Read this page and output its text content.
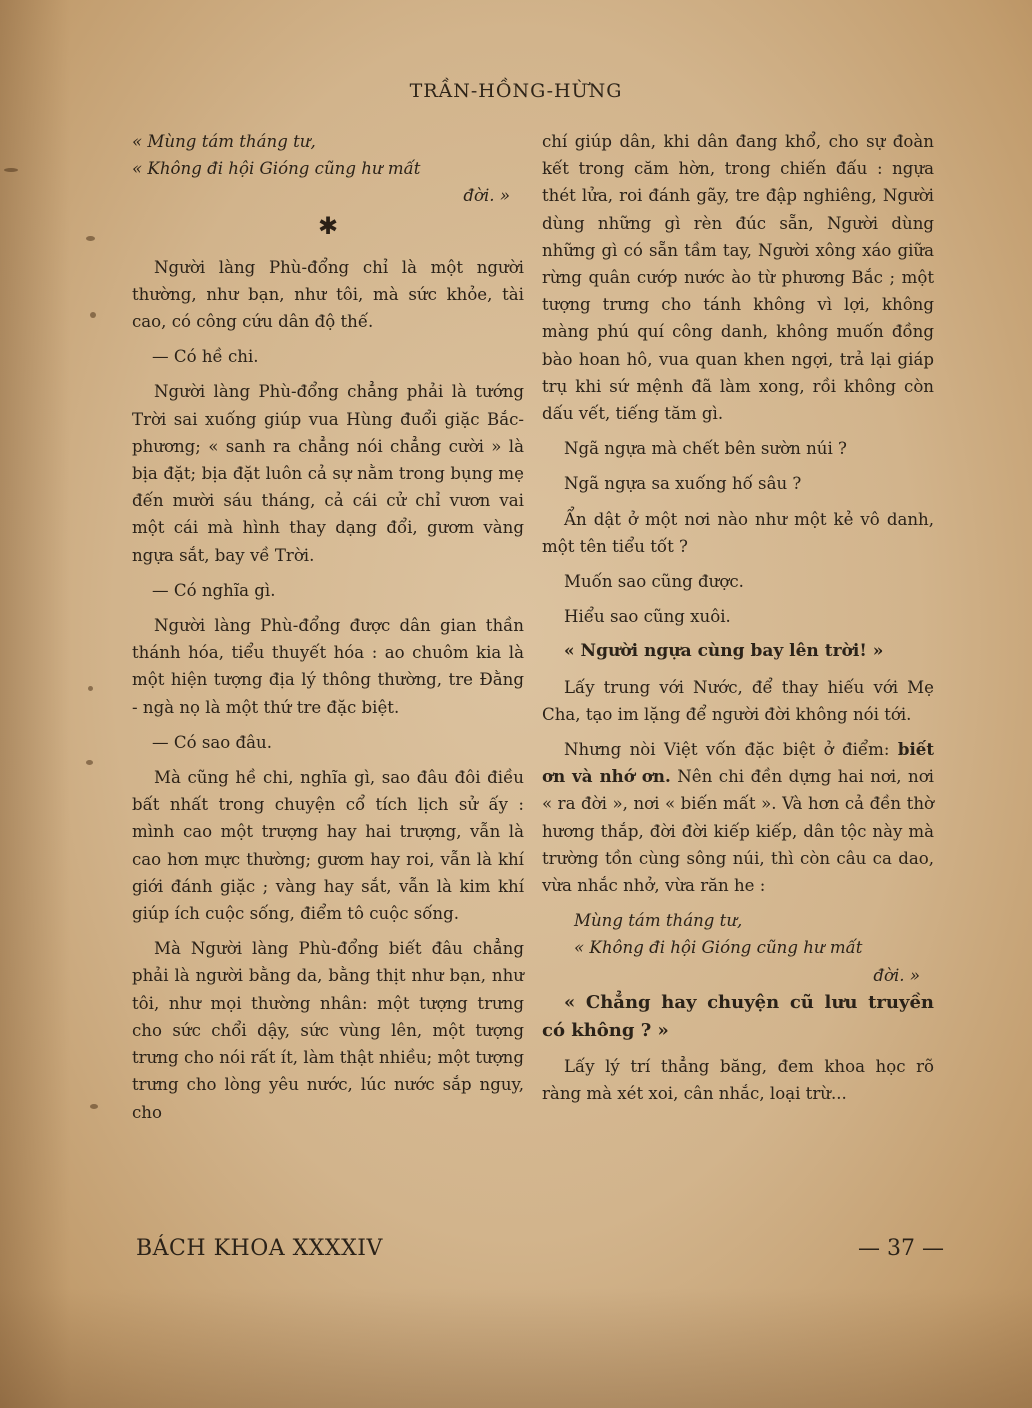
TRẦN-HỒNG-HỪNG
« Mùng tám tháng tư,
« Không đi hội Gióng cũng hư mất
đời. »
✱

Người làng Phù-đổng chỉ là một người thường, như bạn, như tôi, mà sức khỏe, tài cao, có công cứu dân độ thế.

— Có hề chi.

Người làng Phù-đổng chẳng phải là tướng Trời sai xuống giúp vua Hùng đuổi giặc Bắc-phương; « sanh ra chẳng nói chẳng cười » là bịa đặt; bịa đặt luôn cả sự nằm trong bụng mẹ đến mười sáu tháng, cả cái cử chỉ vươn vai một cái mà hình thay dạng đổi, gươm vàng ngựa sắt, bay về Trời.

— Có nghĩa gì.

Người làng Phù-đổng được dân gian thần thánh hóa, tiểu thuyết hóa : ao chuôm kia là một hiện tượng địa lý thông thường, tre Đằng - ngà nọ là một thứ tre đặc biệt.

— Có sao đâu.

Mà cũng hề chi, nghĩa gì, sao đâu đôi điều bất nhất trong chuyện cổ tích lịch sử ấy : mình cao một trượng hay hai trượng, vẫn là cao hơn mực thường; gươm hay roi, vẫn là khí giới đánh giặc ; vàng hay sắt, vẫn là kim khí giúp ích cuộc sống, điểm tô cuộc sống.

Mà Người làng Phù-đổng biết đâu chẳng phải là người bằng da, bằng thịt như bạn, như tôi, như mọi thường nhân: một tượng trưng cho sức chổi dậy, sức vùng lên, một tượng trưng cho nói rất ít, làm thật nhiều; một tượng trưng cho lòng yêu nước, lúc nước sắp nguy, cho

chí giúp dân, khi dân đang khổ, cho sự đoàn kết trong căm hờn, trong chiến đấu : ngựa thét lửa, roi đánh gãy, tre đập nghiêng, Người dùng những gì rèn đúc sẵn, Người dùng những gì có sẵn tầm tay, Người xông xáo giữa rừng quân cướp nước ào từ phương Bắc ; một tượng trưng cho tánh không vì lợi, không màng phú quí công danh, không muốn đồng bào hoan hô, vua quan khen ngợi, trả lại giáp trụ khi sứ mệnh đã làm xong, rồi không còn dấu vết, tiếng tăm gì.

Ngã ngựa mà chết bên sườn núi ?

Ngã ngựa sa xuống hố sâu ?

Ẩn dật ở một nơi nào như một kẻ vô danh, một tên tiểu tốt ?

Muốn sao cũng được.

Hiểu sao cũng xuôi.

« Người ngựa cùng bay lên trời! »

Lấy trung với Nước, để thay hiếu với Mẹ Cha, tạo im lặng để người đời không nói tới.

Nhưng nòi Việt vốn đặc biệt ở điểm: biết ơn và nhớ ơn. Nên chi đền dựng hai nơi, nơi « ra đời », nơi « biến mất ». Và hơn cả đền thờ hương thắp, đời đời kiếp kiếp, dân tộc này mà trường tồn cùng sông núi, thì còn câu ca dao, vừa nhắc nhở, vừa răn he :

Mùng tám tháng tư,
« Không đi hội Gióng cũng hư mất
đời. »

« Chẳng hay chuyện cũ lưu truyền có không ? »

Lấy lý trí thẳng băng, đem khoa học rõ ràng mà xét xoi, cân nhắc, loại trừ...

BÁCH KHOA XXXXIV	— 37 —
